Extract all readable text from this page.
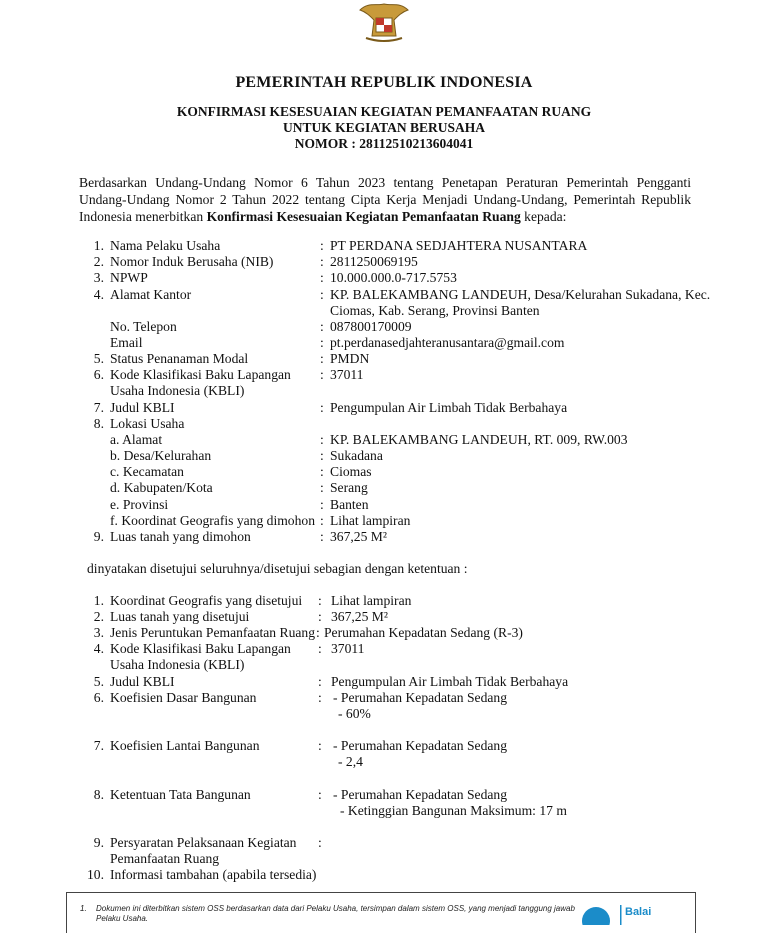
PEMERINTAH REPUBLIK INDONESIA
KONFIRMASI KESESUAIAN KEGIATAN PEMANFAATAN RUANG
UNTUK KEGIATAN BERUSAHA
NOMOR : 28112510213604041
Berdasarkan Undang-Undang Nomor 6 Tahun 2023 tentang Penetapan Peraturan Pemerintah Pengganti Undang-Undang Nomor 2 Tahun 2022 tentang Cipta Kerja Menjadi Undang-Undang, Pemerintah Republik Indonesia menerbitkan Konfirmasi Kesesuaian Kegiatan Pemanfaatan Ruang kepada:
1. Nama Pelaku Usaha	: PT PERDANA SEDJAHTERA NUSANTARA
2. Nomor Induk Berusaha (NIB)	: 2811250069195
3. NPWP	: 10.000.000.0-717.5753
4. Alamat Kantor	: KP. BALEKAMBANG LANDEUH, Desa/Kelurahan Sukadana, Kec.
Ciomas, Kab. Serang, Provinsi Banten
No. Telepon	: 087800170009
Email	: pt.perdanasedjahteranusantara@gmail.com
5. Status Penanaman Modal	: PMDN
6. Kode Klasifikasi Baku Lapangan : 37011
Usaha Indonesia (KBLI)
7. Judul KBLI	: Pengumpulan Air Limbah Tidak Berbahaya
8. Lokasi Usaha
a. Alamat	: KP. BALEKAMBANG LANDEUH, RT. 009, RW.003
b. Desa/Kelurahan	: Sukadana
c. Kecamatan	: Ciomas
d. Kabupaten/Kota	: Serang
e. Provinsi	: Banten
f. Koordinat Geografis yang dimohon : Lihat lampiran
9. Luas tanah yang dimohon	: 367,25 M²
dinyatakan disetujui seluruhnya/disetujui sebagian dengan ketentuan :
1. Koordinat Geografis yang disetujui : Lihat lampiran
2. Luas tanah yang disetujui	: 367,25 M²
3. Jenis Peruntukan Pemanfaatan Ruang : Perumahan Kepadatan Sedang (R-3)
4. Kode Klasifikasi Baku Lapangan : 37011
Usaha Indonesia (KBLI)
5. Judul KBLI	: Pengumpulan Air Limbah Tidak Berbahaya
6. Koefisien Dasar Bangunan	: - Perumahan Kepadatan Sedang
- 60%
7. Koefisien Lantai Bangunan	: - Perumahan Kepadatan Sedang
- 2,4
8. Ketentuan Tata Bangunan	: - Perumahan Kepadatan Sedang
- Ketinggian Bangunan Maksimum: 17 m
9. Persyaratan Pelaksanaan Kegiatan :
Pemanfaatan Ruang
10. Informasi tambahan (apabila tersedia)
1. Dokumen ini diterbitkan sistem OSS berdasarkan data dari Pelaku Usaha, tersimpan dalam sistem OSS, yang menjadi tanggung jawab Pelaku Usaha.
Balai
